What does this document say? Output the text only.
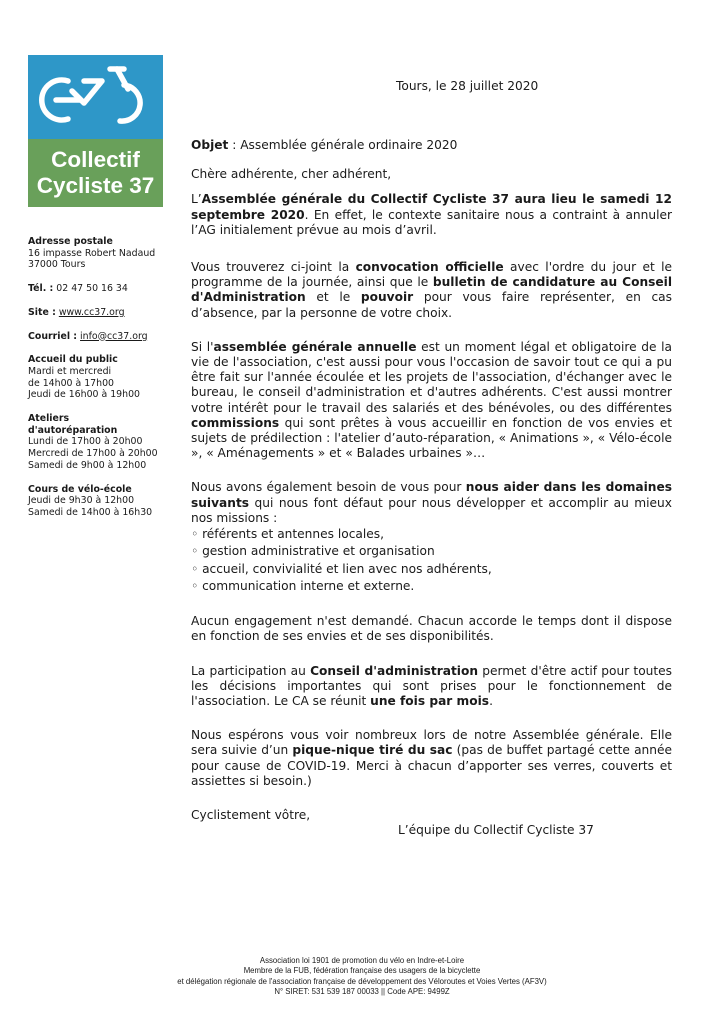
Collectif
Cycliste 37
Adresse postale
16 impasse Robert Nadaud
37000 Tours
Tél. : 02 47 50 16 34
Site : www.cc37.org
Courriel : info@cc37.org
Accueil du public
Mardi et mercredi
de 14h00 à 17h00
Jeudi de 16h00 à 19h00
Ateliers
d'autoréparation
Lundi de 17h00 à 20h00
Mercredi de 17h00 à 20h00
Samedi de 9h00 à 12h00
Cours de vélo-école
Jeudi de 9h30 à 12h00
Samedi de 14h00 à 16h30
Tours, le 28 juillet 2020

Objet : Assemblée générale ordinaire 2020

Chère adhérente, cher adhérent,

L’Assemblée générale du Collectif Cycliste 37 aura lieu le samedi 12 septembre 2020. En effet, le contexte sanitaire nous a contraint à annuler l’AG initialement prévue au mois d’avril.

Vous trouverez ci-joint la convocation officielle avec l'ordre du jour et le programme de la journée, ainsi que le bulletin de candidature au Conseil d'Administration et le pouvoir pour vous faire représenter, en cas d’absence, par la personne de votre choix.

Si l'assemblée générale annuelle est un moment légal et obligatoire de la vie de l'association, c'est aussi pour vous l'occasion de savoir tout ce qui a pu être fait sur l'année écoulée et les projets de l'association, d'échanger avec le bureau, le conseil d'administration et d'autres adhérents. C'est aussi montrer votre intérêt pour le travail des salariés et des bénévoles, ou des différentes commissions qui sont prêtes à vous accueillir en fonction de vos envies et sujets de prédilection : l'atelier d’auto-réparation, « Animations », « Vélo-école », « Aménagements » et « Balades urbaines »…

Nous avons également besoin de vous pour nous aider dans les domaines suivants qui nous font défaut pour nous développer et accomplir au mieux nos missions :

◦ référents et antennes locales,
◦ gestion administrative et organisation
◦ accueil, convivialité et lien avec nos adhérents,
◦ communication interne et externe.

Aucun engagement n'est demandé. Chacun accorde le temps dont il dispose en fonction de ses envies et de ses disponibilités.

La participation au Conseil d'administration permet d'être actif pour toutes les décisions importantes qui sont prises pour le fonctionnement de l'association. Le CA se réunit une fois par mois.

Nous espérons vous voir nombreux lors de notre Assemblée générale. Elle sera suivie d’un pique-nique tiré du sac (pas de buffet partagé cette année pour cause de COVID-19. Merci à chacun d’apporter ses verres, couverts et assiettes si besoin.)

Cyclistement vôtre,

L’équipe du Collectif Cycliste 37

Association loi 1901 de promotion du vélo en Indre-et-Loire
Membre de la FUB, fédération française des usagers de la bicyclette
et délégation régionale de l'association française de développement des Véloroutes et Voies Vertes (AF3V)
N° SIRET: 531 539 187 00033 || Code APE: 9499Z
